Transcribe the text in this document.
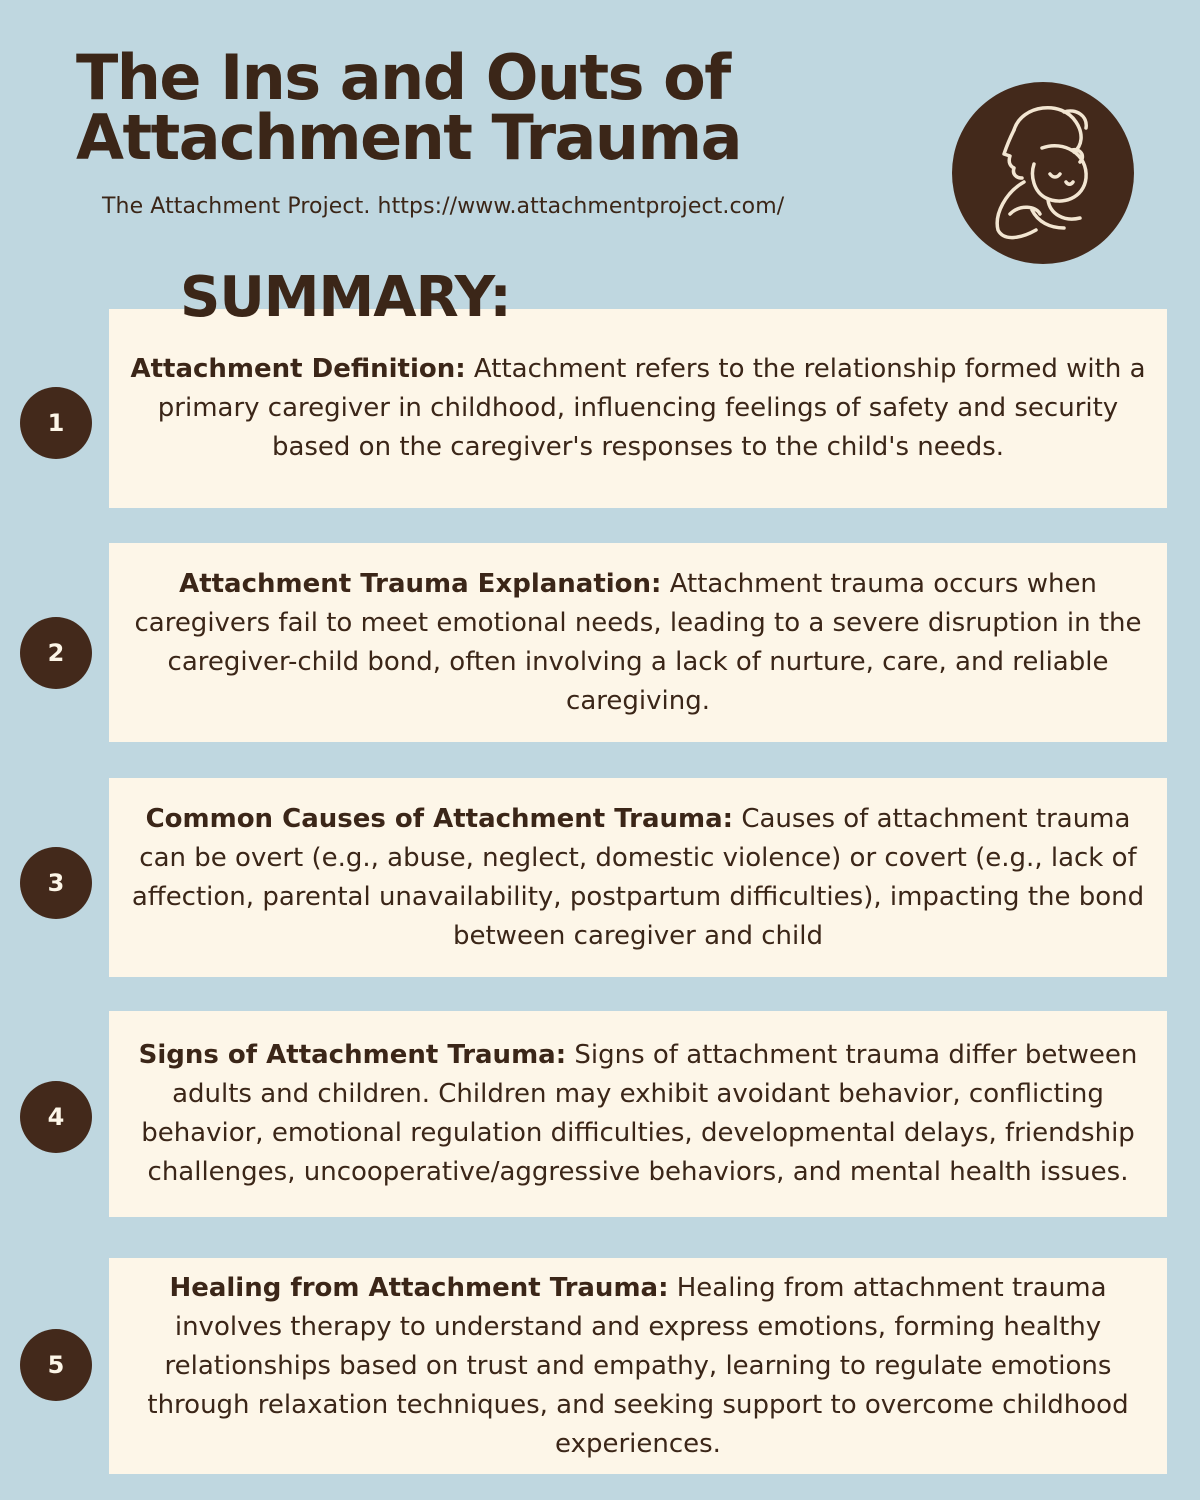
The Ins and Outs of
Attachment Trauma
The Attachment Project. https://www.attachmentproject.com/
SUMMARY:
1

Attachment Definition: Attachment refers to the relationship formed with a primary caregiver in childhood, influencing feelings of safety and security based on the caregiver's responses to the child's needs.

2

Attachment Trauma Explanation: Attachment trauma occurs when caregivers fail to meet emotional needs, leading to a severe disruption in the caregiver-child bond, often involving a lack of nurture, care, and reliable caregiving.

3

Common Causes of Attachment Trauma: Causes of attachment trauma can be overt (e.g., abuse, neglect, domestic violence) or covert (e.g., lack of affection, parental unavailability, postpartum difficulties), impacting the bond between caregiver and child

4

Signs of Attachment Trauma: Signs of attachment trauma differ between adults and children. Children may exhibit avoidant behavior, conflicting behavior, emotional regulation difficulties, developmental delays, friendship challenges, uncooperative/aggressive behaviors, and mental health issues.

5

Healing from Attachment Trauma: Healing from attachment trauma involves therapy to understand and express emotions, forming healthy relationships based on trust and empathy, learning to regulate emotions through relaxation techniques, and seeking support to overcome childhood experiences.
